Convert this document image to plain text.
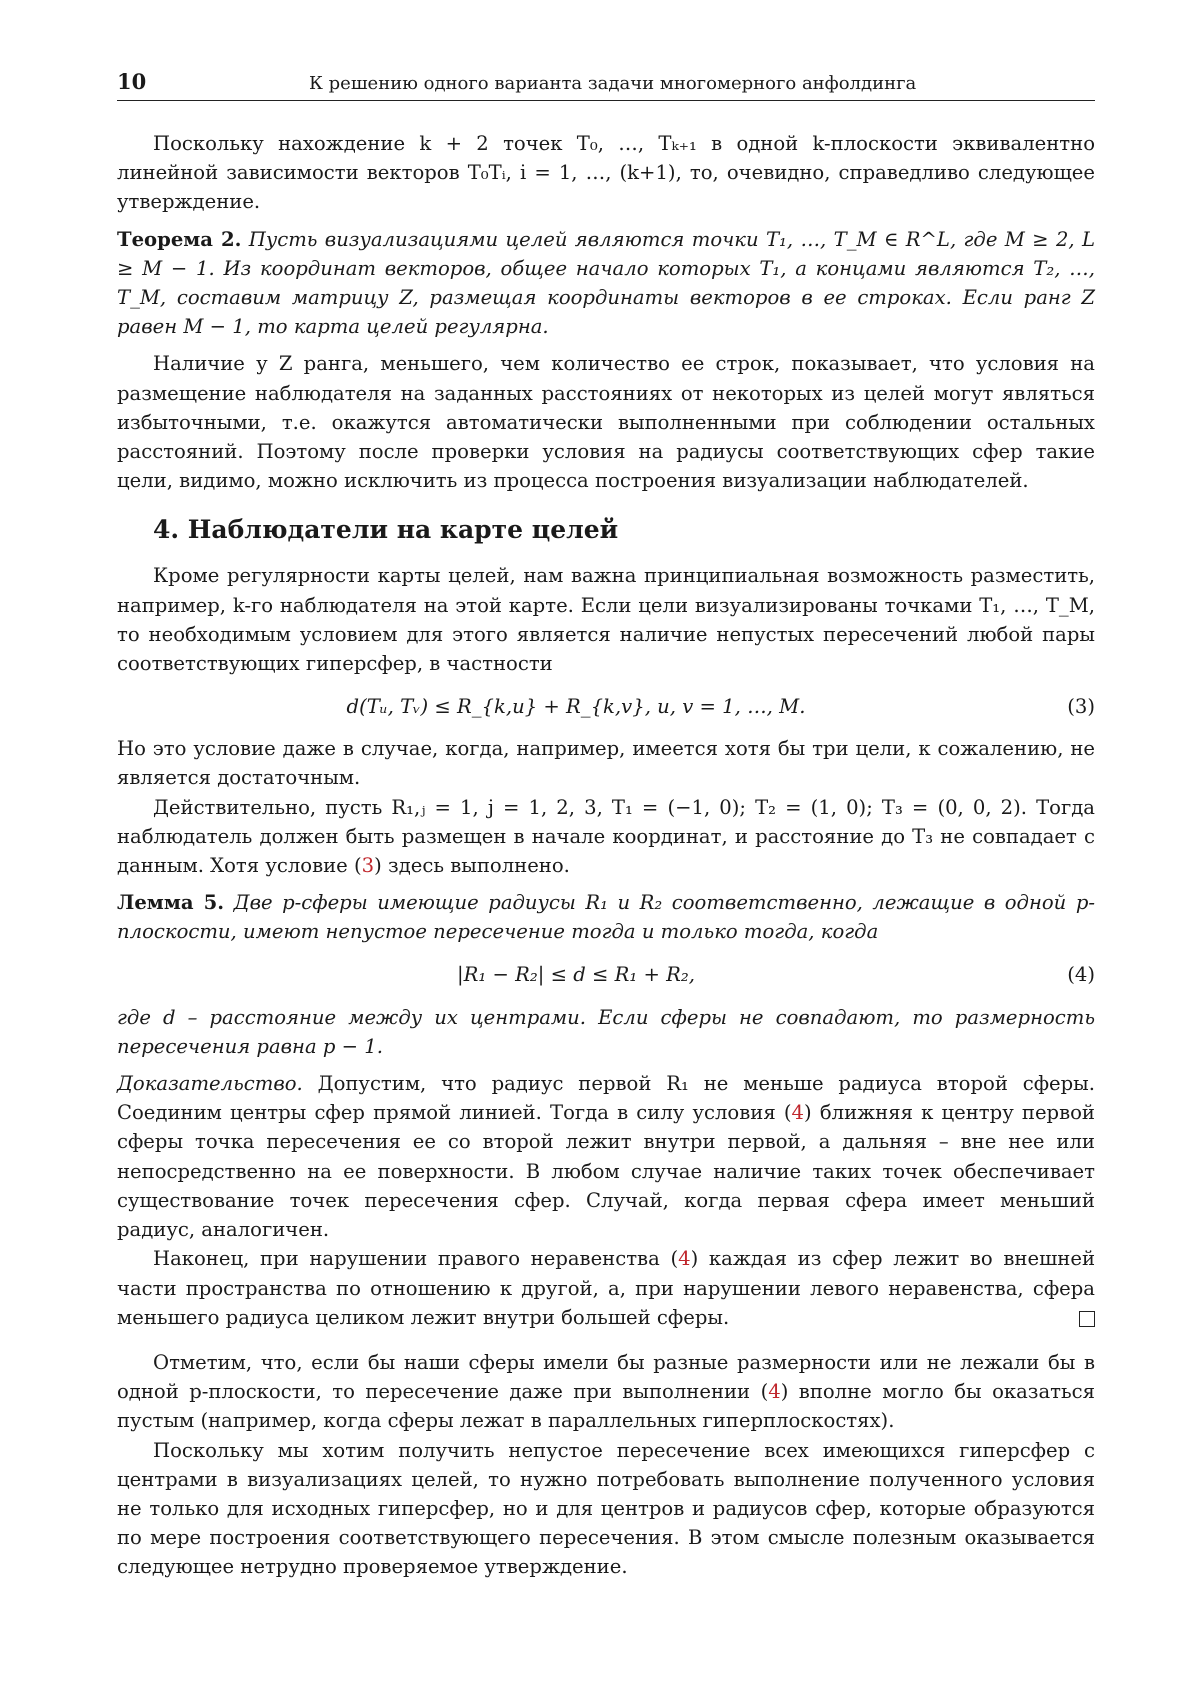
10	К решению одного варианта задачи многомерного анфолдинга

Поскольку нахождение k + 2 точек T₀, …, Tₖ₊₁ в одной k-плоскости эквивалентно линейной зависимости векторов T₀Tᵢ, i = 1, …, (k+1), то, очевидно, справедливо следующее утверждение.

Теорема 2. Пусть визуализациями целей являются точки T₁, …, T_M ∈ R^L, где M ≥ 2, L ≥ M − 1. Из координат векторов, общее начало которых T₁, а концами являются T₂, …, T_M, составим матрицу Z, размещая координаты векторов в ее строках. Если ранг Z равен M − 1, то карта целей регулярна.

Наличие у Z ранга, меньшего, чем количество ее строк, показывает, что условия на размещение наблюдателя на заданных расстояниях от некоторых из целей могут являться избыточными, т.е. окажутся автоматически выполненными при соблюдении остальных расстояний. Поэтому после проверки условия на радиусы соответствующих сфер такие цели, видимо, можно исключить из процесса построения визуализации наблюдателей.

4. Наблюдатели на карте целей

Кроме регулярности карты целей, нам важна принципиальная возможность разместить, например, k-го наблюдателя на этой карте. Если цели визуализированы точками T₁, …, T_M, то необходимым условием для этого является наличие непустых пересечений любой пары соответствующих гиперсфер, в частности

d(Tᵤ, Tᵥ) ≤ R_{k,u} + R_{k,v}, u, v = 1, …, M.	(3)

Но это условие даже в случае, когда, например, имеется хотя бы три цели, к сожалению, не является достаточным.

Действительно, пусть R₁,ⱼ = 1, j = 1, 2, 3, T₁ = (−1, 0); T₂ = (1, 0); T₃ = (0, 0, 2). Тогда наблюдатель должен быть размещен в начале координат, и расстояние до T₃ не совпадает с данным. Хотя условие (3) здесь выполнено.

Лемма 5. Две p-сферы имеющие радиусы R₁ и R₂ соответственно, лежащие в одной p-плоскости, имеют непустое пересечение тогда и только тогда, когда

|R₁ − R₂| ≤ d ≤ R₁ + R₂,	(4)

где d – расстояние между их центрами. Если сферы не совпадают, то размерность пересечения равна p − 1.

Доказательство. Допустим, что радиус первой R₁ не меньше радиуса второй сферы. Соединим центры сфер прямой линией. Тогда в силу условия (4) ближняя к центру первой сферы точка пересечения ее со второй лежит внутри первой, а дальняя – вне нее или непосредственно на ее поверхности. В любом случае наличие таких точек обеспечивает существование точек пересечения сфер. Случай, когда первая сфера имеет меньший радиус, аналогичен.

Наконец, при нарушении правого неравенства (4) каждая из сфер лежит во внешней части пространства по отношению к другой, а, при нарушении левого неравенства, сфера меньшего радиуса целиком лежит внутри большей сферы.

Отметим, что, если бы наши сферы имели бы разные размерности или не лежали бы в одной p-плоскости, то пересечение даже при выполнении (4) вполне могло бы оказаться пустым (например, когда сферы лежат в параллельных гиперплоскостях).

Поскольку мы хотим получить непустое пересечение всех имеющихся гиперсфер с центрами в визуализациях целей, то нужно потребовать выполнение полученного условия не только для исходных гиперсфер, но и для центров и радиусов сфер, которые образуются по мере построения соответствующего пересечения. В этом смысле полезным оказывается следующее нетрудно проверяемое утверждение.
